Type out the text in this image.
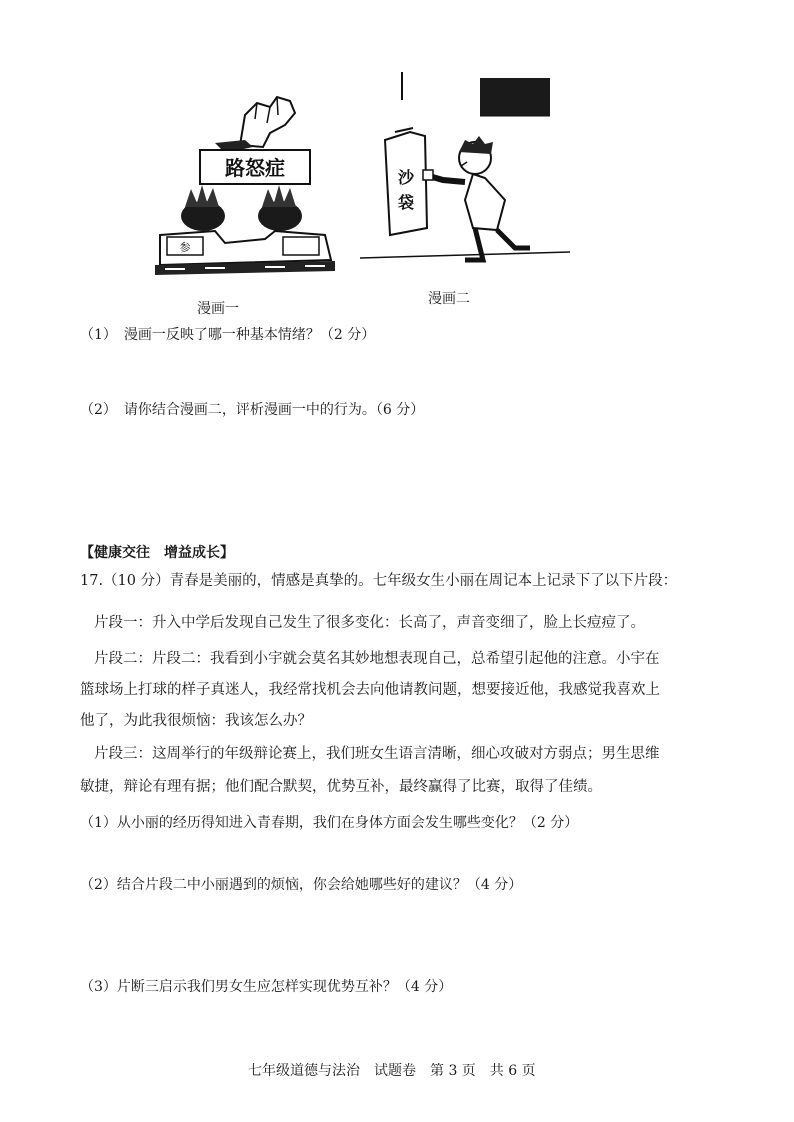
路怒症
参
漫画一
沙
袋
漫画二
（1）　漫画一反映了哪一种基本情绪？（2 分）
（2）　请你结合漫画二，评析漫画一中的行为。（6 分）
【健康交往　增益成长】
17.（10 分）青春是美丽的，情感是真挚的。七年级女生小丽在周记本上记录下了以下片段：
片段一：升入中学后发现自己发生了很多变化：长高了，声音变细了，脸上长痘痘了。
片段二：片段二：我看到小宇就会莫名其妙地想表现自己，总希望引起他的注意。小宇在
篮球场上打球的样子真迷人，我经常找机会去向他请教问题，想要接近他，我感觉我喜欢上
他了，为此我很烦恼：我该怎么办？
片段三：这周举行的年级辩论赛上，我们班女生语言清晰，细心攻破对方弱点；男生思维
敏捷，辩论有理有据；他们配合默契，优势互补，最终赢得了比赛，取得了佳绩。
（1）从小丽的经历得知进入青春期，我们在身体方面会发生哪些变化？（2 分）
（2）结合片段二中小丽遇到的烦恼，你会给她哪些好的建议？（4 分）
（3）片断三启示我们男女生应怎样实现优势互补？（4 分）
七年级道德与法治　试题卷　第 3 页　共 6 页
